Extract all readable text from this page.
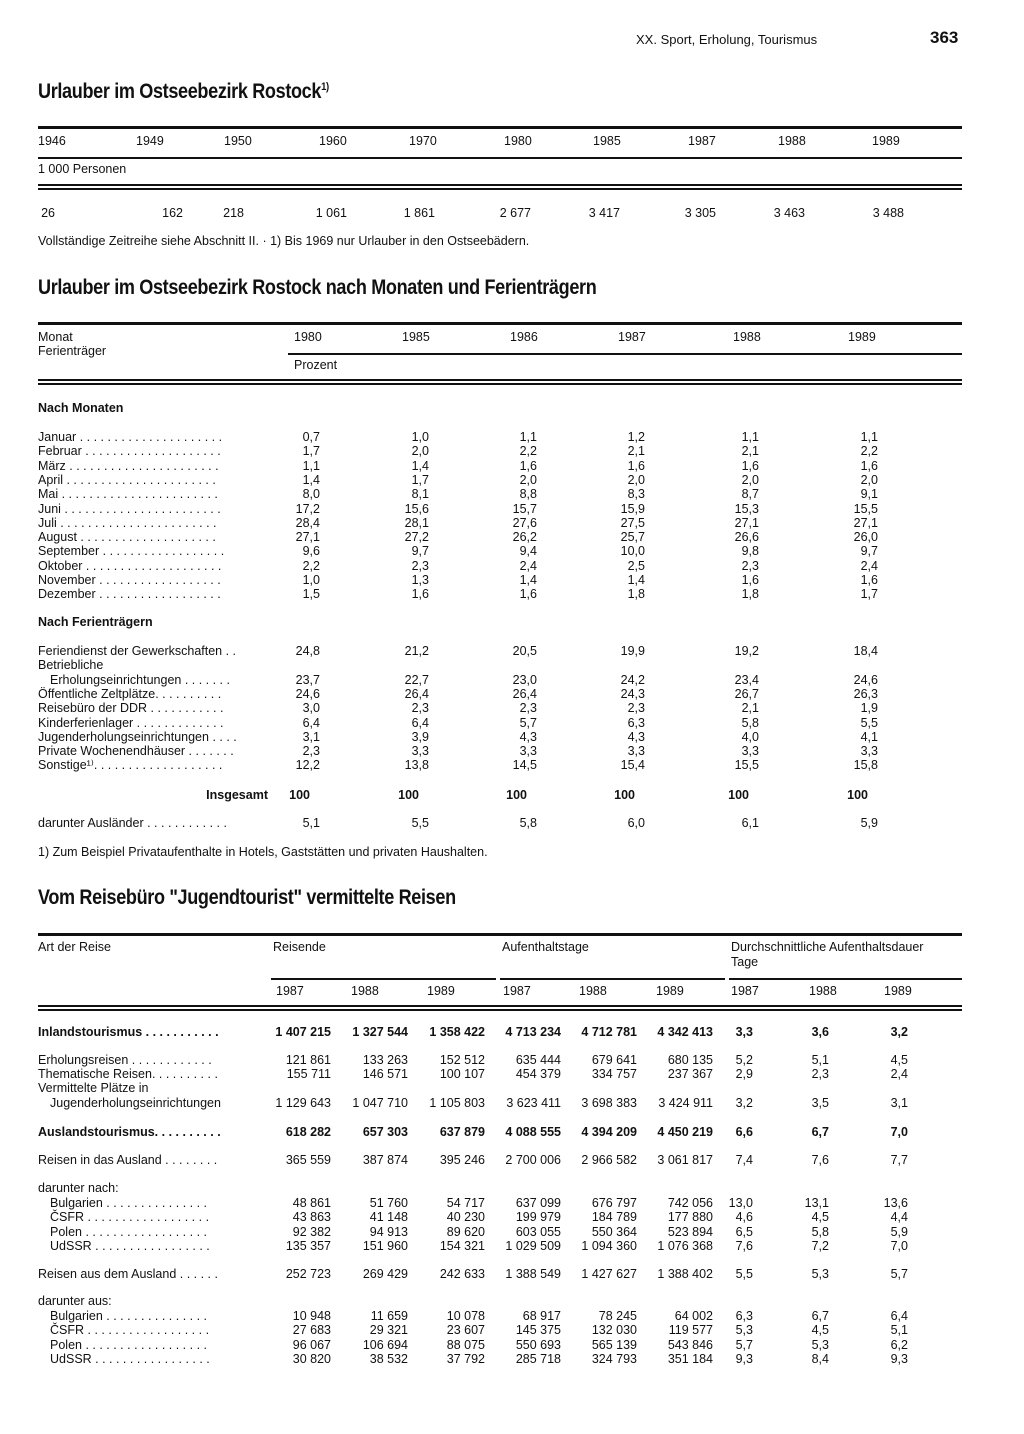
XX. Sport, Erholung, Tourismus	363
Urlauber im Ostseebezirk Rostock$^{1)}$
1946	1949	1950	1960	1970	1980	1985	1987	1988	1989
1 000 Personen
26	162	218	1 061	1 861	2 677	3 417	3 305	3 463	3 488
Vollständige Zeitreihe siehe Abschnitt II. · 1) Bis 1969 nur Urlauber in den Ostseebädern.
Urlauber im Ostseebezirk Rostock nach Monaten und Ferienträgern
Monat
Ferienträger
1980	1985	1986	1987	1988	1989
Prozent
Nach Monaten
Januar . . . . . . . . . . . . . . . . . . . . .	0,7	1,0	1,1	1,2	1,1	1,1
Februar . . . . . . . . . . . . . . . . . . . .	1,7	2,0	2,2	2,1	2,1	2,2
März . . . . . . . . . . . . . . . . . . . . . .	1,1	1,4	1,6	1,6	1,6	1,6
April . . . . . . . . . . . . . . . . . . . . . .	1,4	1,7	2,0	2,0	2,0	2,0
Mai . . . . . . . . . . . . . . . . . . . . . . .	8,0	8,1	8,8	8,3	8,7	9,1
Juni . . . . . . . . . . . . . . . . . . . . . . .	17,2	15,6	15,7	15,9	15,3	15,5
Juli . . . . . . . . . . . . . . . . . . . . . . .	28,4	28,1	27,6	27,5	27,1	27,1
August . . . . . . . . . . . . . . . . . . . .	27,1	27,2	26,2	25,7	26,6	26,0
September . . . . . . . . . . . . . . . . . .	9,6	9,7	9,4	10,0	9,8	9,7
Oktober . . . . . . . . . . . . . . . . . . . .	2,2	2,3	2,4	2,5	2,3	2,4
November . . . . . . . . . . . . . . . . . .	1,0	1,3	1,4	1,4	1,6	1,6
Dezember . . . . . . . . . . . . . . . . . .	1,5	1,6	1,6	1,8	1,8	1,7
Nach Ferienträgern
Feriendienst der Gewerkschaften . .	24,8	21,2	20,5	19,9	19,2	18,4
Betriebliche
Erholungseinrichtungen . . . . . . .	23,7	22,7	23,0	24,2	23,4	24,6
Öffentliche Zeltplätze. . . . . . . . . .	24,6	26,4	26,4	24,3	26,7	26,3
Reisebüro der DDR . . . . . . . . . . .	3,0	2,3	2,3	2,3	2,1	1,9
Kinderferienlager . . . . . . . . . . . . .	6,4	6,4	5,7	6,3	5,8	5,5
Jugenderholungseinrichtungen . . . .	3,1	3,9	4,3	4,3	4,0	4,1
Private Wochenendhäuser . . . . . . .	2,3	3,3	3,3	3,3	3,3	3,3
Sonstige¹⁾. . . . . . . . . . . . . . . . . . .	12,2	13,8	14,5	15,4	15,5	15,8
Insgesamt	100	100	100	100	100	100
darunter Ausländer . . . . . . . . . . . .	5,1	5,5	5,8	6,0	6,1	5,9
1) Zum Beispiel Privataufenthalte in Hotels, Gaststätten und privaten Haushalten.
Vom Reisebüro "Jugendtourist" vermittelte Reisen
Art der Reise	Reisende	Aufenthaltstage	Durchschnittliche Aufenthaltsdauer
Tage
1987	1988	1989	1987	1988	1989	1987	1988	1989
Inlandstourismus . . . . . . . . . . .	1 407 215	1 327 544	1 358 422	4 713 234	4 712 781	4 342 413	3,3	3,6	3,2
Erholungsreisen . . . . . . . . . . . .	121 861	133 263	152 512	635 444	679 641	680 135	5,2	5,1	4,5
Thematische Reisen. . . . . . . . . .	155 711	146 571	100 107	454 379	334 757	237 367	2,9	2,3	2,4
Vermittelte Plätze in
Jugenderholungseinrichtungen	1 129 643	1 047 710	1 105 803	3 623 411	3 698 383	3 424 911	3,2	3,5	3,1
Auslandstourismus. . . . . . . . . .	618 282	657 303	637 879	4 088 555	4 394 209	4 450 219	6,6	6,7	7,0
Reisen in das Ausland . . . . . . . .	365 559	387 874	395 246	2 700 006	2 966 582	3 061 817	7,4	7,6	7,7
darunter nach:
Bulgarien . . . . . . . . . . . . . . .	48 861	51 760	54 717	637 099	676 797	742 056	13,0	13,1	13,6
ČSFR . . . . . . . . . . . . . . . . . .	43 863	41 148	40 230	199 979	184 789	177 880	4,6	4,5	4,4
Polen . . . . . . . . . . . . . . . . . .	92 382	94 913	89 620	603 055	550 364	523 894	6,5	5,8	5,9
UdSSR . . . . . . . . . . . . . . . . .	135 357	151 960	154 321	1 029 509	1 094 360	1 076 368	7,6	7,2	7,0
Reisen aus dem Ausland . . . . . .	252 723	269 429	242 633	1 388 549	1 427 627	1 388 402	5,5	5,3	5,7
darunter aus:
Bulgarien . . . . . . . . . . . . . . .	10 948	11 659	10 078	68 917	78 245	64 002	6,3	6,7	6,4
ČSFR . . . . . . . . . . . . . . . . . .	27 683	29 321	23 607	145 375	132 030	119 577	5,3	4,5	5,1
Polen . . . . . . . . . . . . . . . . . .	96 067	106 694	88 075	550 693	565 139	543 846	5,7	5,3	6,2
UdSSR . . . . . . . . . . . . . . . . .	30 820	38 532	37 792	285 718	324 793	351 184	9,3	8,4	9,3
